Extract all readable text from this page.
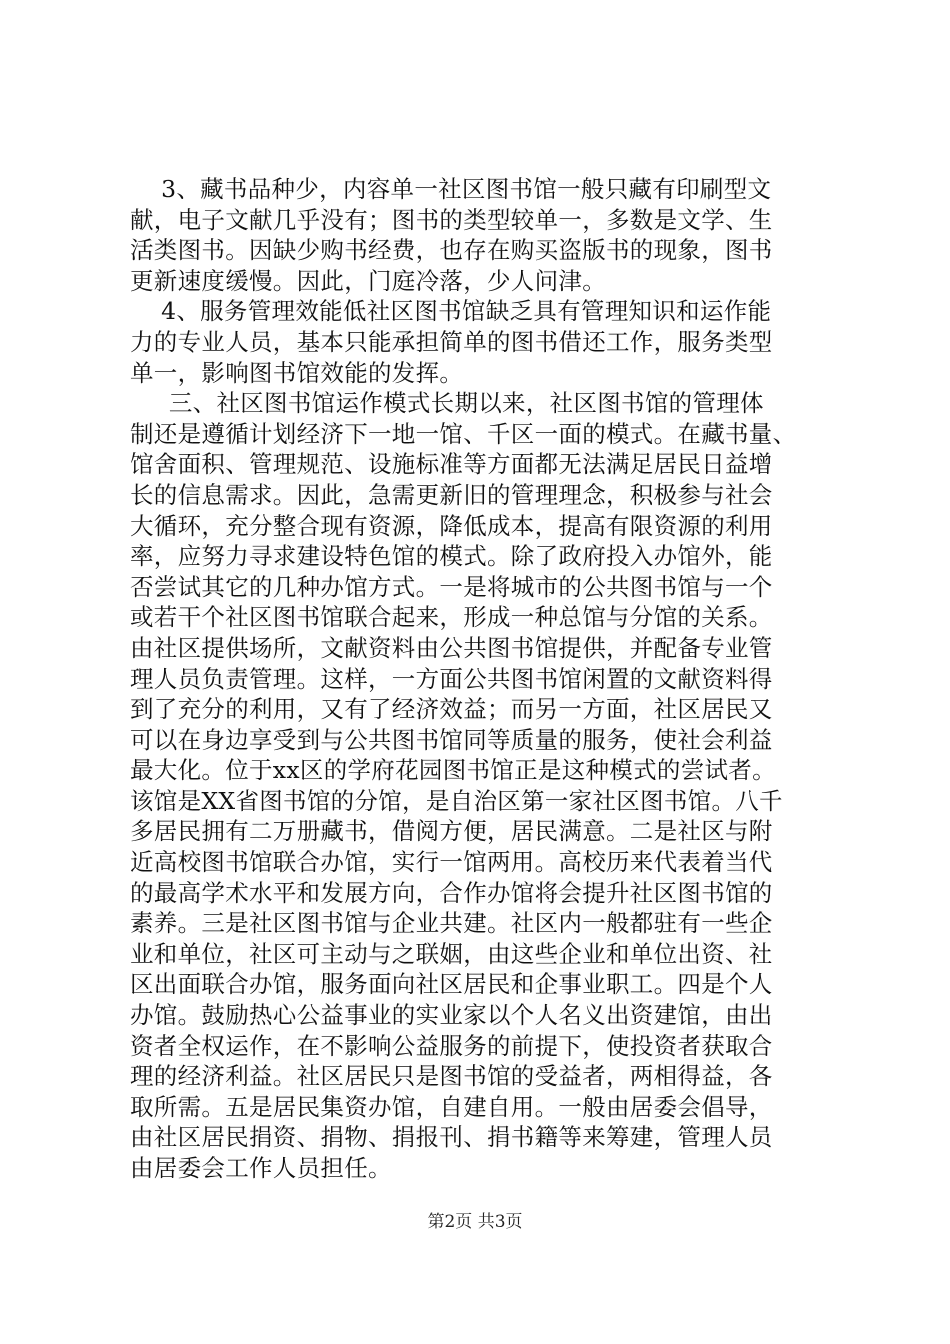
3、藏书品种少，内容单一社区图书馆一般只藏有印刷型文
献，电子文献几乎没有；图书的类型较单一，多数是文学、生
活类图书。因缺少购书经费，也存在购买盗版书的现象，图书
更新速度缓慢。因此，门庭冷落，少人问津。
4、服务管理效能低社区图书馆缺乏具有管理知识和运作能
力的专业人员，基本只能承担简单的图书借还工作，服务类型
单一，影响图书馆效能的发挥。
三、社区图书馆运作模式长期以来，社区图书馆的管理体
制还是遵循计划经济下一地一馆、千区一面的模式。在藏书量、
馆舍面积、管理规范、设施标准等方面都无法满足居民日益增
长的信息需求。因此，急需更新旧的管理理念，积极参与社会
大循环，充分整合现有资源，降低成本，提高有限资源的利用
率，应努力寻求建设特色馆的模式。除了政府投入办馆外，能
否尝试其它的几种办馆方式。一是将城市的公共图书馆与一个
或若干个社区图书馆联合起来，形成一种总馆与分馆的关系。
由社区提供场所，文献资料由公共图书馆提供，并配备专业管
理人员负责管理。这样，一方面公共图书馆闲置的文献资料得
到了充分的利用，又有了经济效益；而另一方面，社区居民又
可以在身边享受到与公共图书馆同等质量的服务，使社会利益
最大化。位于xx区的学府花园图书馆正是这种模式的尝试者。
该馆是XX省图书馆的分馆，是自治区第一家社区图书馆。八千
多居民拥有二万册藏书，借阅方便，居民满意。二是社区与附
近高校图书馆联合办馆，实行一馆两用。高校历来代表着当代
的最高学术水平和发展方向，合作办馆将会提升社区图书馆的
素养。三是社区图书馆与企业共建。社区内一般都驻有一些企
业和单位，社区可主动与之联姻，由这些企业和单位出资、社
区出面联合办馆，服务面向社区居民和企事业职工。四是个人
办馆。鼓励热心公益事业的实业家以个人名义出资建馆，由出
资者全权运作，在不影响公益服务的前提下，使投资者获取合
理的经济利益。社区居民只是图书馆的受益者，两相得益，各
取所需。五是居民集资办馆，自建自用。一般由居委会倡导，
由社区居民捐资、捐物、捐报刊、捐书籍等来筹建，管理人员
由居委会工作人员担任。
第2页 共3页
